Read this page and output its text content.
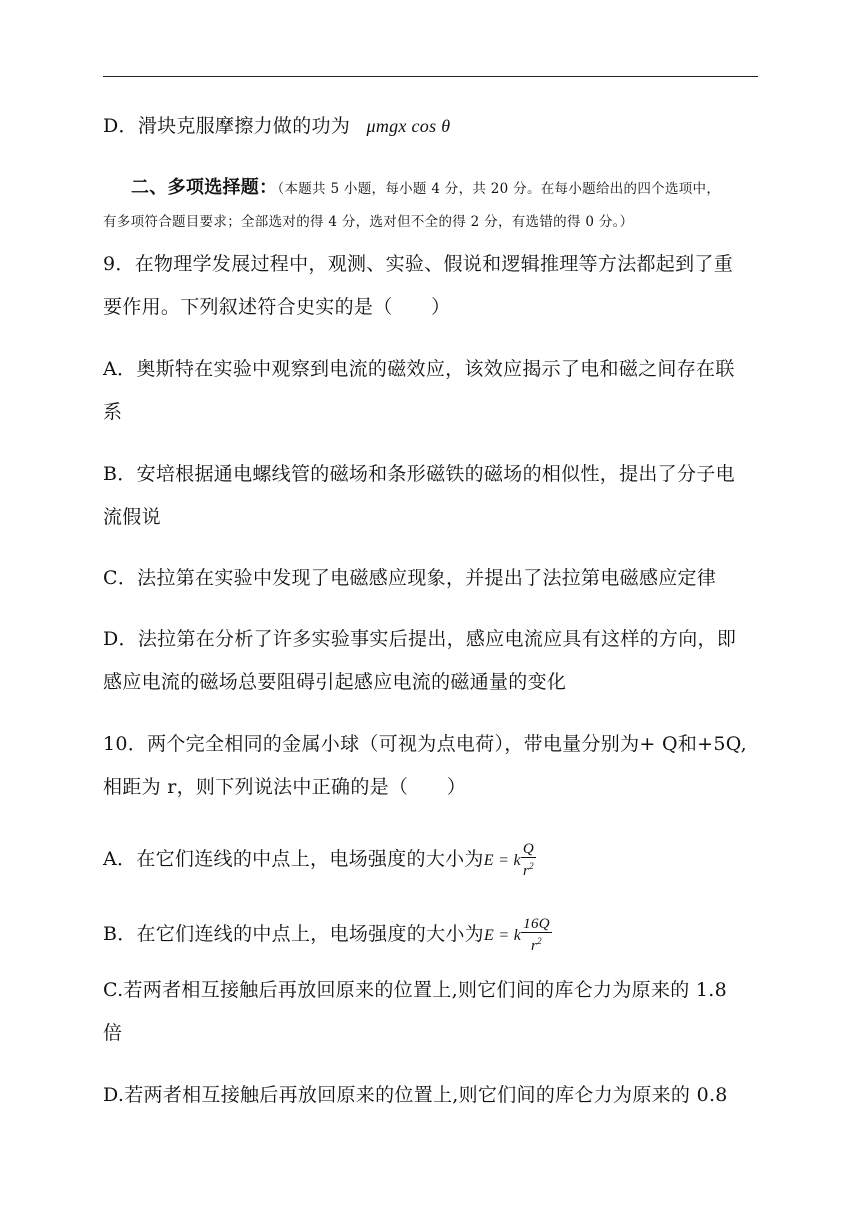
D．滑块克服摩擦力做的功为 μmgx cos θ
二、多项选择题：（本题共 5 小题，每小题 4 分，共 20 分。在每小题给出的四个选项中，
有多项符合题目要求；全部选对的得 4 分，选对但不全的得 2 分，有选错的得 0 分。）
9．在物理学发展过程中，观测、实验、假说和逻辑推理等方法都起到了重
要作用。下列叙述符合史实的是（　　）
A．奥斯特在实验中观察到电流的磁效应，该效应揭示了电和磁之间存在联
系
B．安培根据通电螺线管的磁场和条形磁铁的磁场的相似性，提出了分子电
流假说
C．法拉第在实验中发现了电磁感应现象，并提出了法拉第电磁感应定律
D．法拉第在分析了许多实验事实后提出，感应电流应具有这样的方向，即
感应电流的磁场总要阻碍引起感应电流的磁通量的变化
10．两个完全相同的金属小球（可视为点电荷），带电量分别为+ Q和+5Q,
相距为 r，则下列说法中正确的是（　　）
A．在它们连线的中点上，电场强度的大小为E = k $\frac{Q}{r^2}$
B．在它们连线的中点上，电场强度的大小为E = k $\frac{16Q}{r^2}$
C.若两者相互接触后再放回原来的位置上,则它们间的库仑力为原来的 1.8
倍
D.若两者相互接触后再放回原来的位置上,则它们间的库仑力为原来的 0.8
